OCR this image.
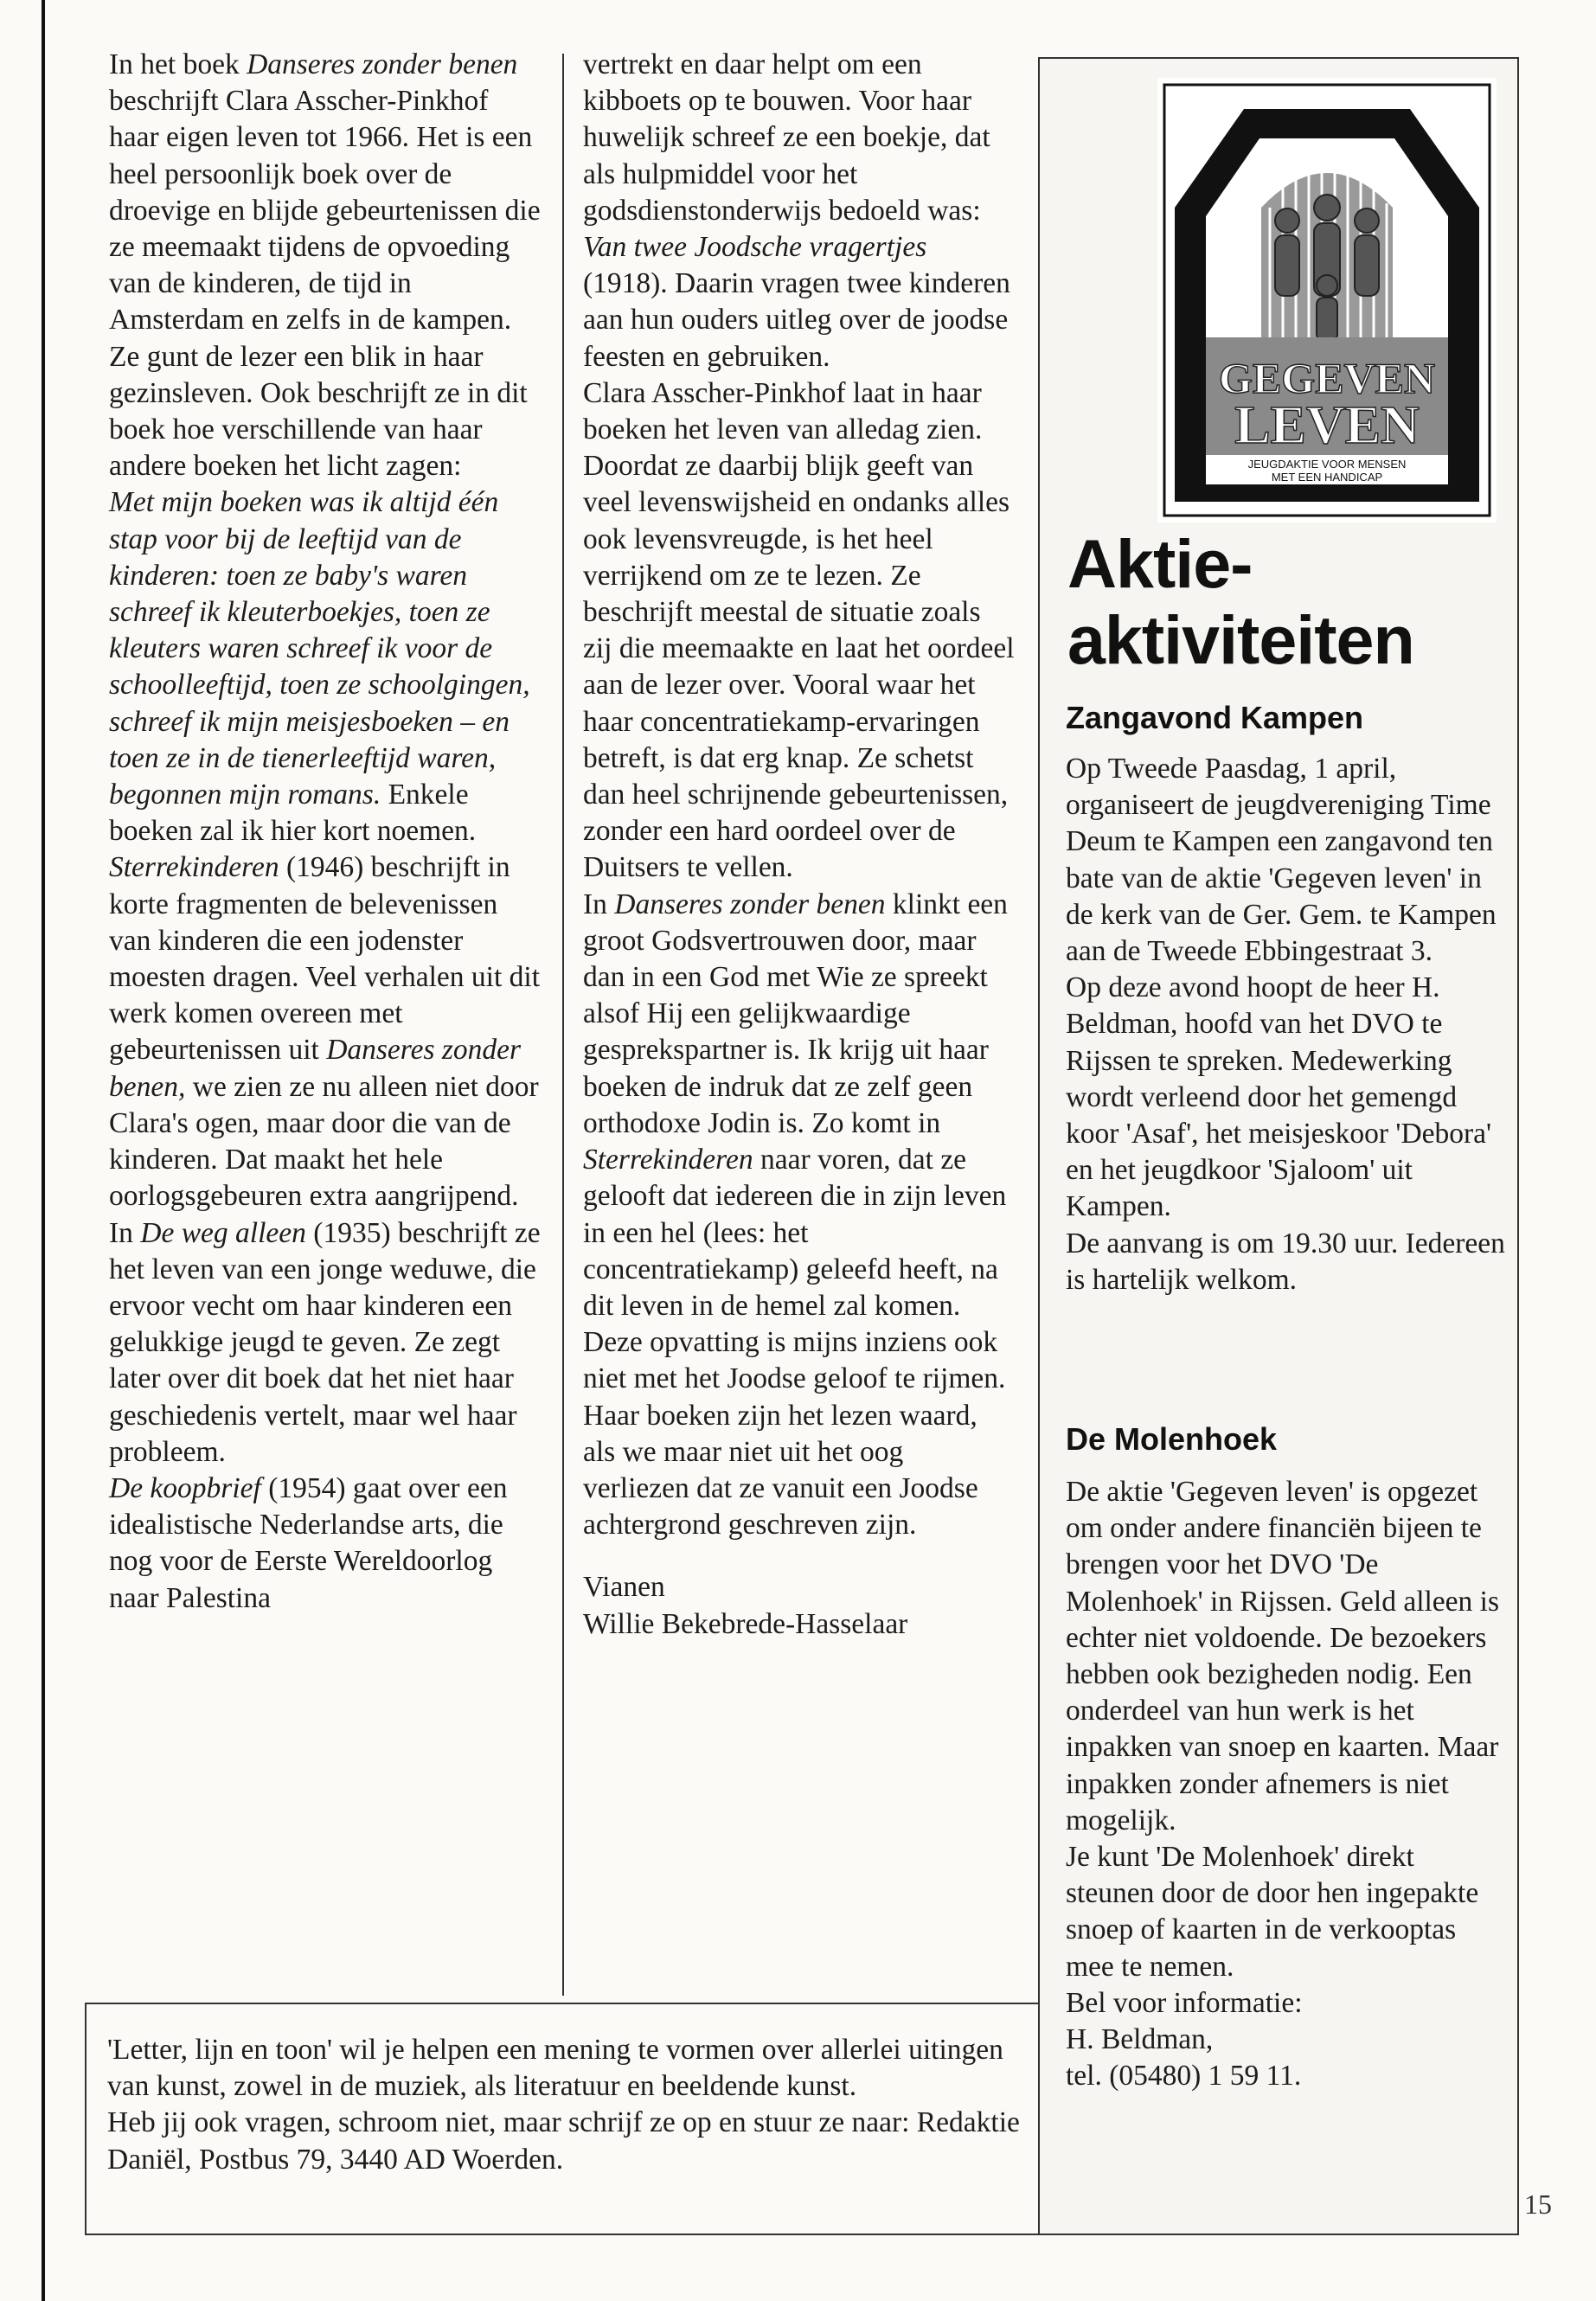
In het boek Danseres zonder benen beschrijft Clara Asscher-Pinkhof haar eigen leven tot 1966. Het is een heel persoonlijk boek over de droevige en blijde gebeurtenissen die ze meemaakt tijdens de opvoeding van de kinderen, de tijd in Amsterdam en zelfs in de kampen. Ze gunt de lezer een blik in haar gezinsleven. Ook beschrijft ze in dit boek hoe verschillende van haar andere boeken het licht zagen:
Met mijn boeken was ik altijd één stap voor bij de leeftijd van de kinderen: toen ze baby's waren schreef ik kleuterboekjes, toen ze kleuters waren schreef ik voor de schoolleeftijd, toen ze schoolgingen, schreef ik mijn meisjesboeken – en toen ze in de tienerleeftijd waren, begonnen mijn romans. Enkele boeken zal ik hier kort noemen.
Sterrekinderen (1946) beschrijft in korte fragmenten de belevenissen van kinderen die een jodenster moesten dragen. Veel verhalen uit dit werk komen overeen met gebeurtenissen uit Danseres zonder benen, we zien ze nu alleen niet door Clara's ogen, maar door die van de kinderen. Dat maakt het hele oorlogsgebeuren extra aangrijpend.
In De weg alleen (1935) beschrijft ze het leven van een jonge weduwe, die ervoor vecht om haar kinderen een gelukkige jeugd te geven. Ze zegt later over dit boek dat het niet haar geschiedenis vertelt, maar wel haar probleem.
De koopbrief (1954) gaat over een idealistische Nederlandse arts, die nog voor de Eerste Wereldoorlog naar Palestina
vertrekt en daar helpt om een kibboets op te bouwen. Voor haar huwelijk schreef ze een boekje, dat als hulpmiddel voor het godsdienstonderwijs bedoeld was: Van twee Joodsche vragertjes (1918). Daarin vragen twee kinderen aan hun ouders uitleg over de joodse feesten en gebruiken.
Clara Asscher-Pinkhof laat in haar boeken het leven van alledag zien. Doordat ze daarbij blijk geeft van veel levenswijsheid en ondanks alles ook levensvreugde, is het heel verrijkend om ze te lezen. Ze beschrijft meestal de situatie zoals zij die meemaakte en laat het oordeel aan de lezer over. Vooral waar het haar concentratiekamp-ervaringen betreft, is dat erg knap. Ze schetst dan heel schrijnende gebeurtenissen, zonder een hard oordeel over de Duitsers te vellen.
In Danseres zonder benen klinkt een groot Godsvertrouwen door, maar dan in een God met Wie ze spreekt alsof Hij een gelijkwaardige gesprekspartner is. Ik krijg uit haar boeken de indruk dat ze zelf geen orthodoxe Jodin is. Zo komt in Sterrekinderen naar voren, dat ze gelooft dat iedereen die in zijn leven in een hel (lees: het concentratiekamp) geleefd heeft, na dit leven in de hemel zal komen. Deze opvatting is mijns inziens ook niet met het Joodse geloof te rijmen. Haar boeken zijn het lezen waard, als we maar niet uit het oog verliezen dat ze vanuit een Joodse achtergrond geschreven zijn.
Vianen
Willie Bekebrede-Hasselaar
'Letter, lijn en toon' wil je helpen een mening te vormen over allerlei uitingen van kunst, zowel in de muziek, als literatuur en beeldende kunst.
Heb jij ook vragen, schroom niet, maar schrijf ze op en stuur ze naar: Redaktie Daniël, Postbus 79, 3440 AD Woerden.
GEGEVEN
LEVEN
JEUGDAKTIE VOOR MENSEN
MET EEN HANDICAP
Aktie-
aktiviteiten
Zangavond Kampen
Op Tweede Paasdag, 1 april, organiseert de jeugdvereniging Time Deum te Kampen een zangavond ten bate van de aktie 'Gegeven leven' in de kerk van de Ger. Gem. te Kampen aan de Tweede Ebbingestraat 3.
Op deze avond hoopt de heer H. Beldman, hoofd van het DVO te Rijssen te spreken. Medewerking wordt verleend door het gemengd koor 'Asaf', het meisjeskoor 'Debora' en het jeugdkoor 'Sjaloom' uit Kampen.
De aanvang is om 19.30 uur. Iedereen is hartelijk welkom.
De Molenhoek
De aktie 'Gegeven leven' is opgezet om onder andere financiën bijeen te brengen voor het DVO 'De Molenhoek' in Rijssen. Geld alleen is echter niet voldoende. De bezoekers hebben ook bezigheden nodig. Een onderdeel van hun werk is het inpakken van snoep en kaarten. Maar inpakken zonder afnemers is niet mogelijk.
Je kunt 'De Molenhoek' direkt steunen door de door hen ingepakte snoep of kaarten in de verkooptas mee te nemen.
Bel voor informatie:
H. Beldman,
tel. (05480) 1 59 11.
15
